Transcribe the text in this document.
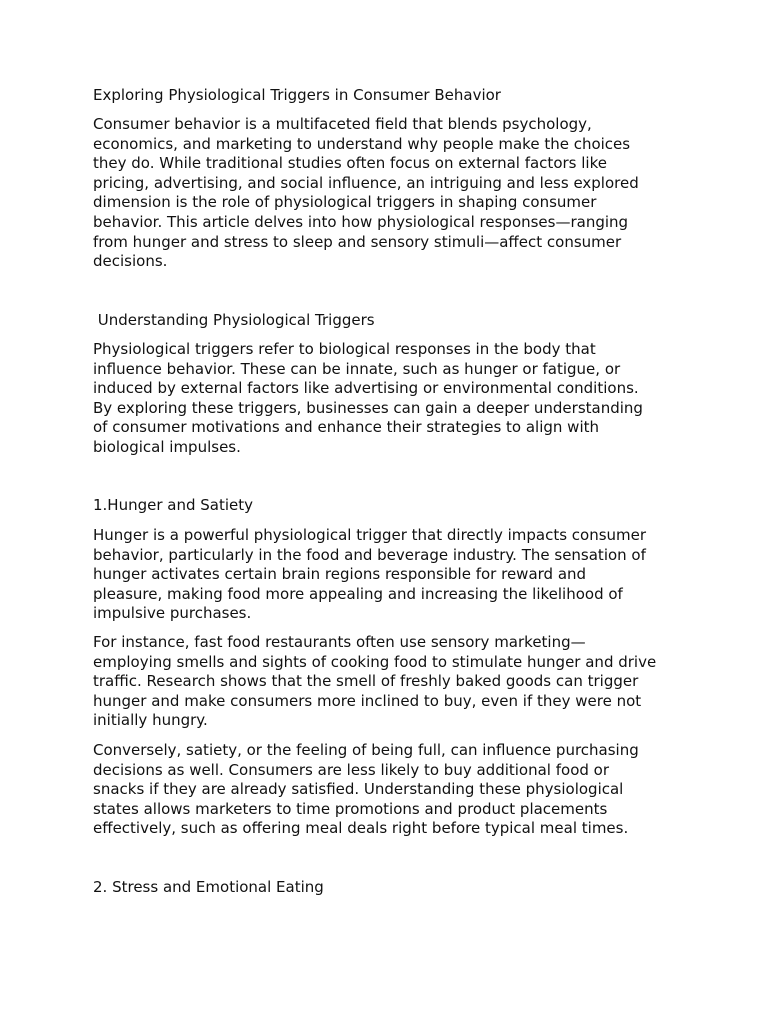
Exploring Physiological Triggers in Consumer Behavior

Consumer behavior is a multifaceted field that blends psychology,
economics, and marketing to understand why people make the choices
they do. While traditional studies often focus on external factors like
pricing, advertising, and social influence, an intriguing and less explored
dimension is the role of physiological triggers in shaping consumer
behavior. This article delves into how physiological responses—ranging
from hunger and stress to sleep and sensory stimuli—affect consumer
decisions.

Understanding Physiological Triggers

Physiological triggers refer to biological responses in the body that
influence behavior. These can be innate, such as hunger or fatigue, or
induced by external factors like advertising or environmental conditions.
By exploring these triggers, businesses can gain a deeper understanding
of consumer motivations and enhance their strategies to align with
biological impulses.

1.Hunger and Satiety

Hunger is a powerful physiological trigger that directly impacts consumer
behavior, particularly in the food and beverage industry. The sensation of
hunger activates certain brain regions responsible for reward and
pleasure, making food more appealing and increasing the likelihood of
impulsive purchases.
For instance, fast food restaurants often use sensory marketing—
employing smells and sights of cooking food to stimulate hunger and drive
traffic. Research shows that the smell of freshly baked goods can trigger
hunger and make consumers more inclined to buy, even if they were not
initially hungry.
Conversely, satiety, or the feeling of being full, can influence purchasing
decisions as well. Consumers are less likely to buy additional food or
snacks if they are already satisfied. Understanding these physiological
states allows marketers to time promotions and product placements
effectively, such as offering meal deals right before typical meal times.

2. Stress and Emotional Eating
